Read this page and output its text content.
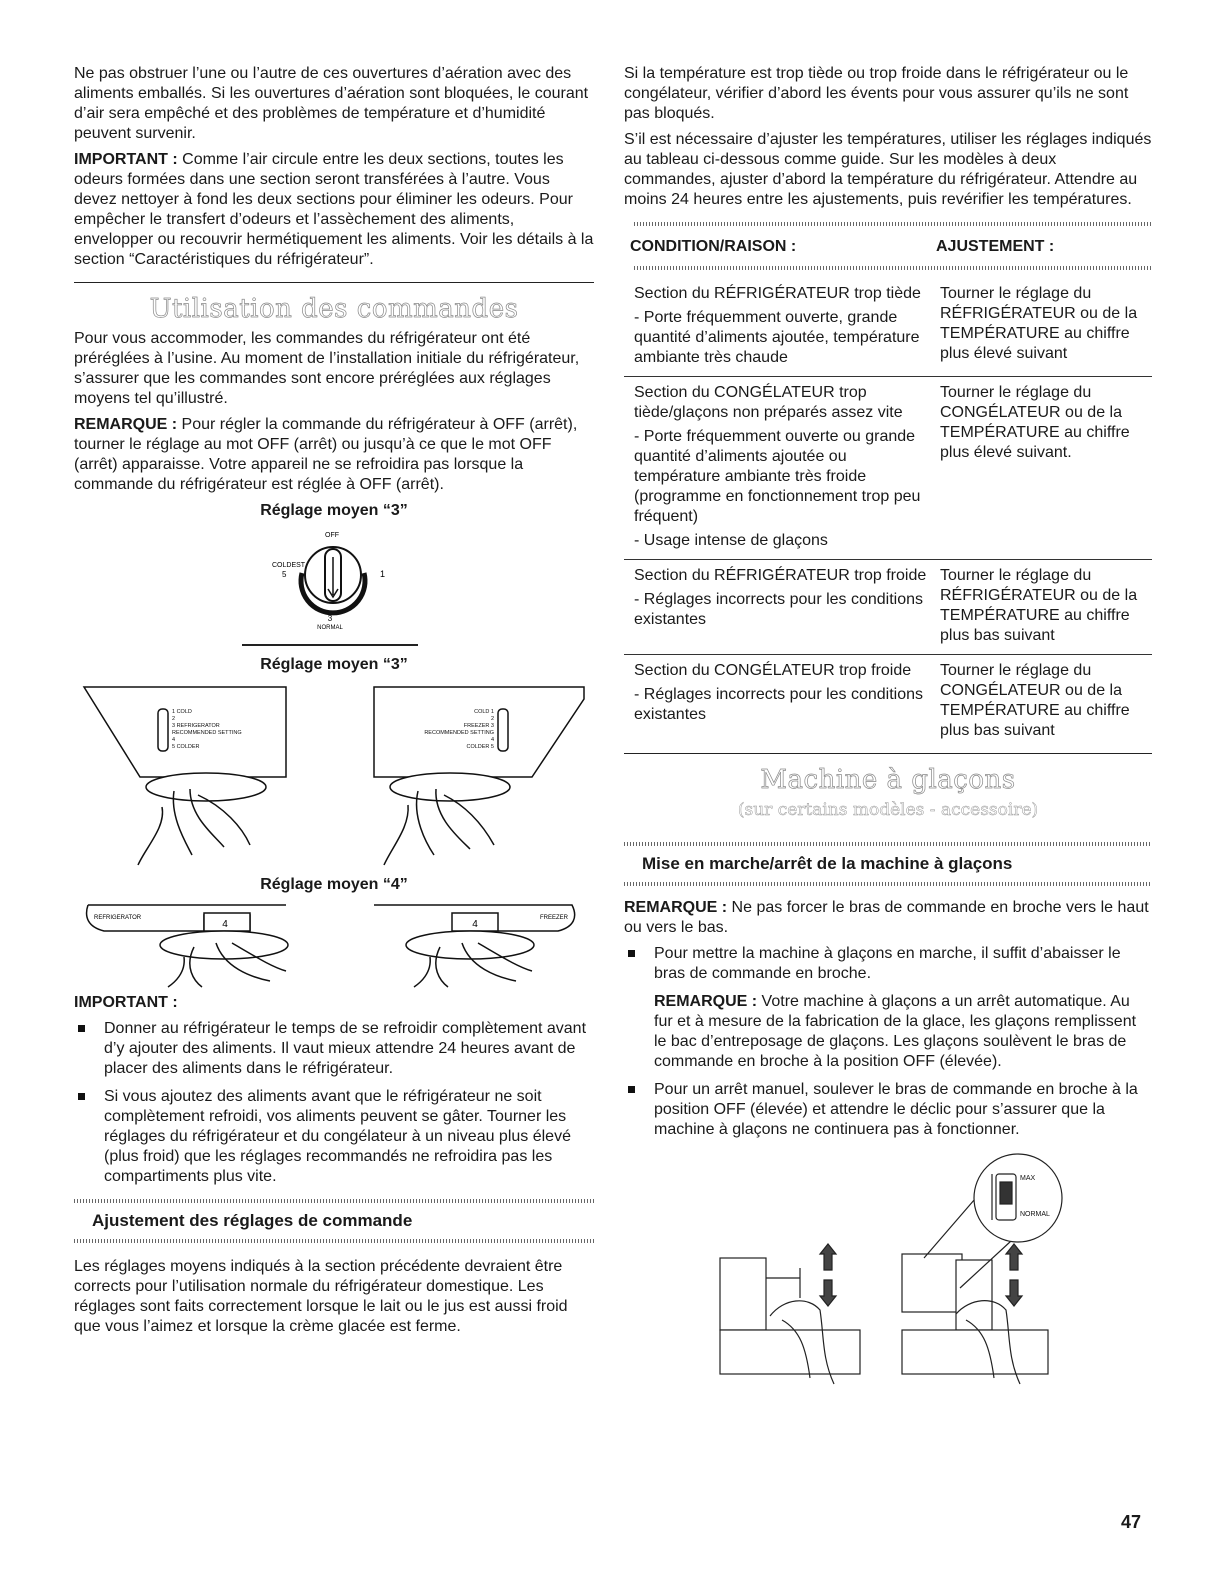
Ne pas obstruer l’une ou l’autre de ces ouvertures d’aération avec des aliments emballés. Si les ouvertures d’aération sont bloquées, le courant d’air sera empêché et des problèmes de température et d’humidité peuvent survenir.

IMPORTANT : Comme l’air circule entre les deux sections, toutes les odeurs formées dans une section seront transférées à l’autre. Vous devez nettoyer à fond les deux sections pour éliminer les odeurs. Pour empêcher le transfert d’odeurs et l’assèchement des aliments, envelopper ou recouvrir hermétiquement les aliments. Voir les détails à la section “Caractéristiques du réfrigérateur”.

Utilisation des commandes

Pour vous accommoder, les commandes du réfrigérateur ont été préréglées à l’usine. Au moment de l’installation initiale du réfrigérateur, s’assurer que les commandes sont encore préréglées aux réglages moyens tel qu’illustré.

REMARQUE : Pour régler la commande du réfrigérateur à OFF (arrêt), tourner le réglage au mot OFF (arrêt) ou jusqu’à ce que le mot OFF (arrêt) apparaisse. Votre appareil ne se refroidira pas lorsque la commande du réfrigérateur est réglée à OFF (arrêt).

Réglage moyen “3”
OFF
COLDEST
5	1
3
NORMAL
Réglage moyen “3”
1 COLD
2
3 REFRIGERATOR
RECOMMENDED SETTING
4
5 COLDER
COLD 1
2
FREEZER 3
RECOMMENDED SETTING
4
COLDER 5
Réglage moyen “4”
REFRIGERATOR
4
FREEZER
4

IMPORTANT :

Donner au réfrigérateur le temps de se refroidir complètement avant d’y ajouter des aliments. Il vaut mieux attendre 24 heures avant de placer des aliments dans le réfrigérateur.
Si vous ajoutez des aliments avant que le réfrigérateur ne soit complètement refroidi, vos aliments peuvent se gâter. Tourner les réglages du réfrigérateur et du congélateur à un niveau plus élevé (plus froid) que les réglages recommandés ne refroidira pas les compartiments plus vite.
Ajustement des réglages de commande

Les réglages moyens indiqués à la section précédente devraient être corrects pour l’utilisation normale du réfrigérateur domestique. Les réglages sont faits correctement lorsque le lait ou le jus est aussi froid que vous l’aimez et lorsque la crème glacée est ferme.

Si la température est trop tiède ou trop froide dans le réfrigérateur ou le congélateur, vérifier d’abord les évents pour vous assurer qu’ils ne sont pas bloqués.

S’il est nécessaire d’ajuster les températures, utiliser les réglages indiqués au tableau ci-dessous comme guide. Sur les modèles à deux commandes, ajuster d’abord la température du réfrigérateur. Attendre au moins 24 heures entre les ajustements, puis revérifier les températures.

CONDITION/RAISON :	AJUSTEMENT :

Section du RÉFRIGÉRATEUR trop tiède
- Porte fréquemment ouverte, grande quantité d’aliments ajoutée, température ambiante très chaude	Tourner le réglage du RÉFRIGÉRATEUR ou de la TEMPÉRATURE au chiffre plus élevé suivant

Section du CONGÉLATEUR trop tiède/glaçons non préparés assez vite
- Porte fréquemment ouverte ou grande quantité d’aliments ajoutée ou température ambiante très froide (programme en fonctionnement trop peu fréquent)
- Usage intense de glaçons	Tourner le réglage du CONGÉLATEUR ou de la TEMPÉRATURE au chiffre plus élevé suivant.

Section du RÉFRIGÉRATEUR trop froide
- Réglages incorrects pour les conditions existantes	Tourner le réglage du RÉFRIGÉRATEUR ou de la TEMPÉRATURE au chiffre plus bas suivant

Section du CONGÉLATEUR trop froide
- Réglages incorrects pour les conditions existantes	Tourner le réglage du CONGÉLATEUR ou de la TEMPÉRATURE au chiffre plus bas suivant
Machine à glaçons
(sur certains modèles - accessoire)
Mise en marche/arrêt de la machine à glaçons

REMARQUE : Ne pas forcer le bras de commande en broche vers le haut ou vers le bas.

Pour mettre la machine à glaçons en marche, il suffit d’abaisser le bras de commande en broche.

REMARQUE : Votre machine à glaçons a un arrêt automatique. Au fur et à mesure de la fabrication de la glace, les glaçons remplissent le bac d’entreposage de glaçons. Les glaçons soulèvent le bras de commande en broche à la position OFF (élevée).

Pour un arrêt manuel, soulever le bras de commande en broche à la position OFF (élevée) et attendre le déclic pour s’assurer que la machine à glaçons ne continuera pas à fonctionner.
MAX
NORMAL
47
